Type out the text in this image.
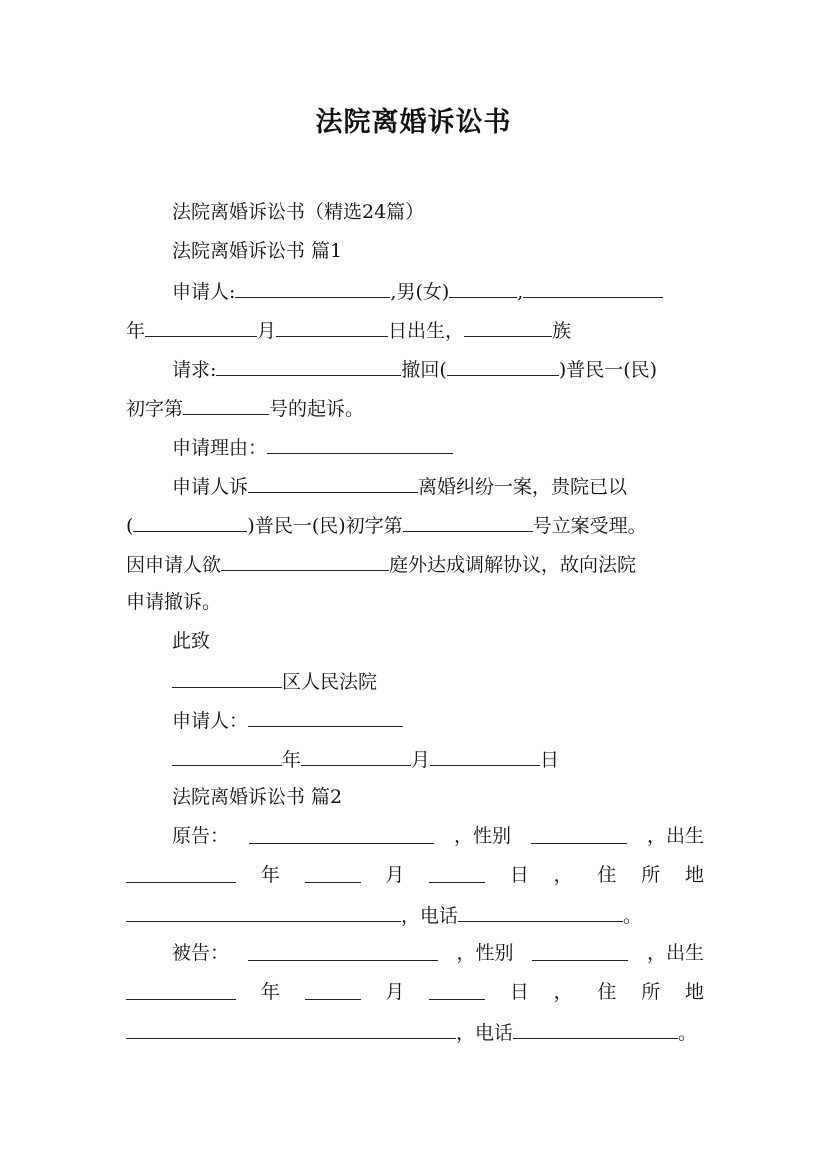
法院离婚诉讼书
法院离婚诉讼书（精选24篇）
法院离婚诉讼书 篇1
申请人:	,男(女)	,
年	月	日出生，	族
请求:	撤回(	)普民一(民)
初字第	号的起诉。
申请理由：
申请人诉	离婚纠纷一案，贵院已以
(	)普民一(民)初字第	号立案受理。
因申请人欲	庭外达成调解协议，故向法院
申请撤诉。
此致
区人民法院
申请人：
年	月	日
法院离婚诉讼书 篇2
原告：	，性别	，出生
年	月	日 ， 住 所 地
，电话	。
被告：	，性别	，出生
年	月	日 ， 住 所 地
，电话	。
